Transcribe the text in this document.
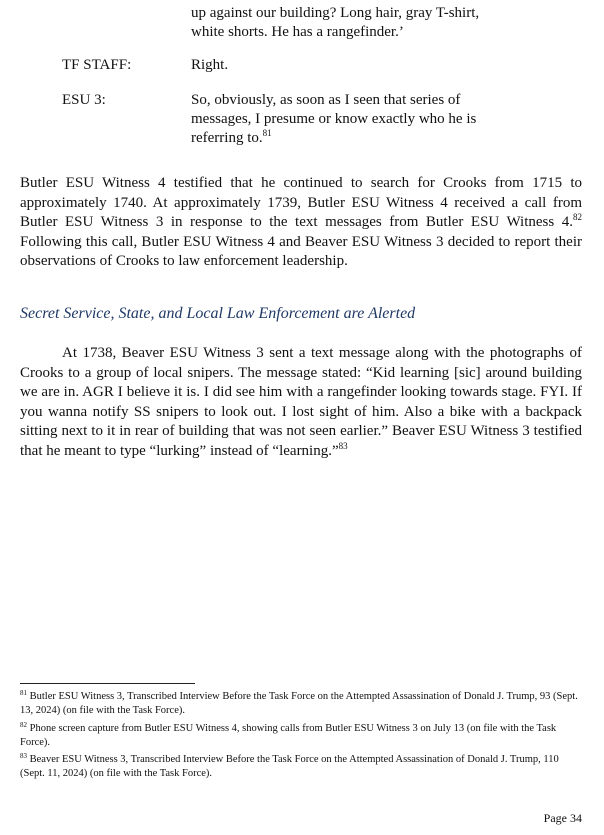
up against our building? Long hair, gray T-shirt, white shorts. He has a rangefinder.’
TF STAFF:	Right.
ESU 3:	So, obviously, as soon as I seen that series of messages, I presume or know exactly who he is referring to.$^{81}$

Butler ESU Witness 4 testified that he continued to search for Crooks from 1715 to approximately 1740. At approximately 1739, Butler ESU Witness 4 received a call from Butler ESU Witness 3 in response to the text messages from Butler ESU Witness 4.82 Following this call, Butler ESU Witness 4 and Beaver ESU Witness 3 decided to report their observations of Crooks to law enforcement leadership.

Secret Service, State, and Local Law Enforcement are Alerted

At 1738, Beaver ESU Witness 3 sent a text message along with the photographs of Crooks to a group of local snipers. The message stated: “Kid learning [sic] around building we are in. AGR I believe it is. I did see him with a rangefinder looking towards stage. FYI. If you wanna notify SS snipers to look out. I lost sight of him. Also a bike with a backpack sitting next to it in rear of building that was not seen earlier.” Beaver ESU Witness 3 testified that he meant to type “lurking” instead of “learning.”$^{83}$

$^{81}$ Butler ESU Witness 3, Transcribed Interview Before the Task Force on the Attempted Assassination of Donald J. Trump, 93 (Sept. 13, 2024) (on file with the Task Force).
$^{82}$ Phone screen capture from Butler ESU Witness 4, showing calls from Butler ESU Witness 3 on July 13 (on file with the Task Force).
$^{83}$ Beaver ESU Witness 3, Transcribed Interview Before the Task Force on the Attempted Assassination of Donald J. Trump, 110 (Sept. 11, 2024) (on file with the Task Force).
Page 34
